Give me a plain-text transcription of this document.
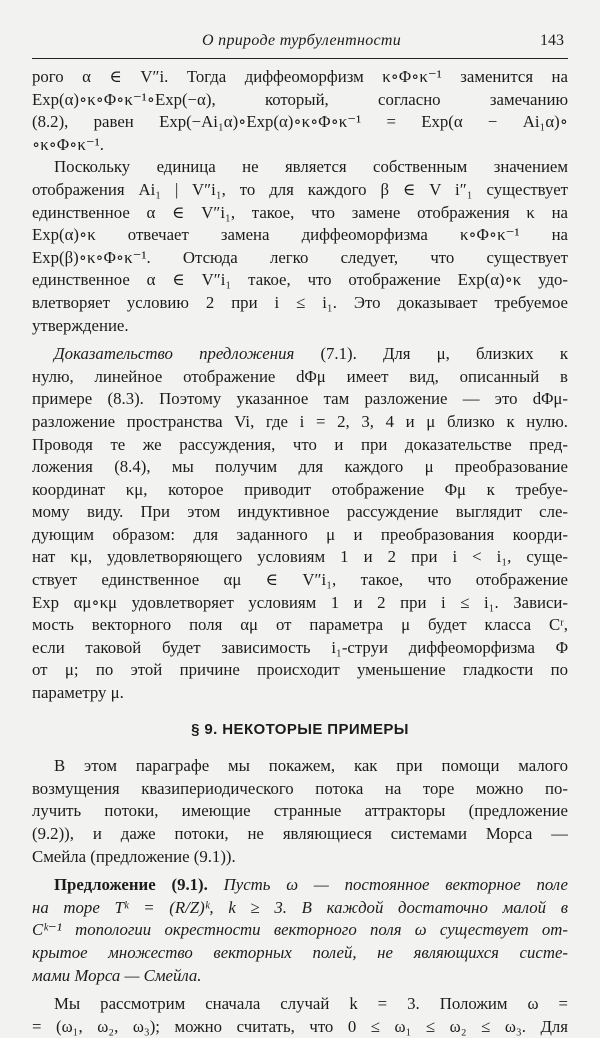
О природе турбулентности	143
рого α ∈ V″i. Тогда диффеоморфизм κ∘Φ∘κ⁻¹ заменится на
Exp(α)∘κ∘Φ∘κ⁻¹∘Exp(−α), который, согласно замечанию
(8.2), равен Exp(−Ai₁α)∘Exp(α)∘κ∘Φ∘κ⁻¹ = Exp(α − Ai₁α)∘
∘κ∘Φ∘κ⁻¹.
Поскольку единица не является собственным значением
отображения Ai₁ | V″i₁, то для каждого β ∈ V i″₁ существует
единственное α ∈ V″i₁, такое, что замене отображения κ на
Exp(α)∘κ отвечает замена диффеоморфизма κ∘Φ∘κ⁻¹ на
Exp(β)∘κ∘Φ∘κ⁻¹. Отсюда легко следует, что существует
единственное α ∈ V″i₁ такое, что отображение Exp(α)∘κ удо-
влетворяет условию 2 при i ≤ i₁. Это доказывает требуемое
утверждение.
Доказательство предложения (7.1). Для μ, близких к
нулю, линейное отображение dΦμ имеет вид, описанный в
примере (8.3). Поэтому указанное там разложение — это dΦμ-
разложение пространства Vi, где i = 2, 3, 4 и μ близко к нулю.
Проводя те же рассуждения, что и при доказательстве пред-
ложения (8.4), мы получим для каждого μ преобразование
координат κμ, которое приводит отображение Φμ к требуе-
мому виду. При этом индуктивное рассуждение выглядит сле-
дующим образом: для заданного μ и преобразования коорди-
нат κμ, удовлетворяющего условиям 1 и 2 при i < i₁, суще-
ствует единственное αμ ∈ V″i₁, такое, что отображение
Exp αμ∘κμ удовлетворяет условиям 1 и 2 при i ≤ i₁. Зависи-
мость векторного поля αμ от параметра μ будет класса Cʳ,
если таковой будет зависимость i₁-струи диффеоморфизма Φ
от μ; по этой причине происходит уменьшение гладкости по
параметру μ.
§ 9. НЕКОТОРЫЕ ПРИМЕРЫ
В этом параграфе мы покажем, как при помощи малого
возмущения квазипериодического потока на торе можно по-
лучить потоки, имеющие странные аттракторы (предложение
(9.2)), и даже потоки, не являющиеся системами Морса —
Смейла (предложение (9.1)).
Предложение (9.1). Пусть ω — постоянное векторное поле
на торе Tᵏ = (R/Z)ᵏ, k ≥ 3. В каждой достаточно малой в
Cᵏ⁻¹ топологии окрестности векторного поля ω существует от-
крытое множество векторных полей, не являющихся систе-
мами Морса — Смейла.
Мы рассмотрим сначала случай k = 3. Положим ω =
= (ω₁, ω₂, ω₃); можно считать, что 0 ≤ ω₁ ≤ ω₂ ≤ ω₃. Для
